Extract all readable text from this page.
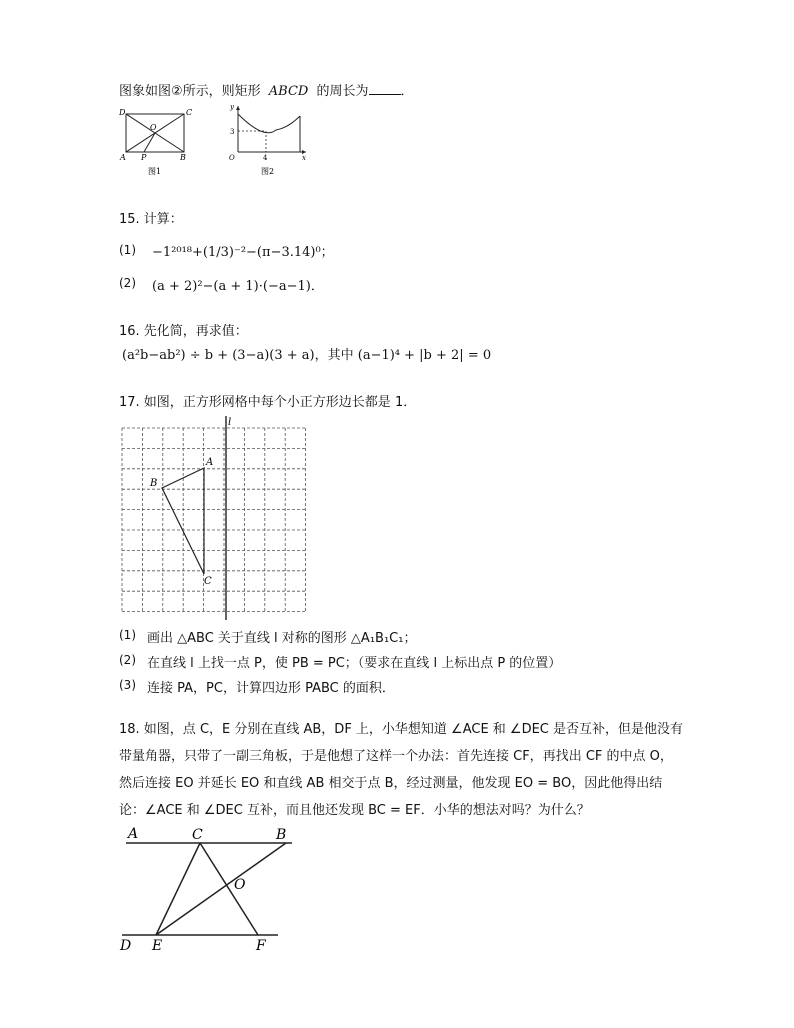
图象如图②所示，则矩形 ABCD 的周长为 ．
D	C
O
A P	B
图1
y
3
O	4	x
图2
15. 计算：
(1) −1²⁰¹⁸+(1/3)⁻²−(π−3.14)⁰；
(2) (a + 2)²−(a + 1)·(−a−1)．
16. 先化简，再求值：
(a²b−ab²) ÷ b + (3−a)(3 + a)，其中 (a−1)⁴ + |b + 2| = 0
17. 如图，正方形网格中每个小正方形边长都是 1．
l
A
B
C
(1) 画出 △ABC 关于直线 l 对称的图形 △A₁B₁C₁；
(2) 在直线 l 上找一点 P，使 PB = PC；（要求在直线 l 上标出点 P 的位置）
(3) 连接 PA，PC，计算四边形 PABC 的面积．
18. 如图，点 C，E 分别在直线 AB，DF 上，小华想知道 ∠ACE 和 ∠DEC 是否互补，但是他没有
带量角器，只带了一副三角板，于是他想了这样一个办法：首先连接 CF，再找出 CF 的中点 O，
然后连接 EO 并延长 EO 和直线 AB 相交于点 B，经过测量，他发现 EO = BO，因此他得出结
论：∠ACE 和 ∠DEC 互补，而且他还发现 BC = EF．小华的想法对吗？为什么？
A	C	B
O
D E	F
